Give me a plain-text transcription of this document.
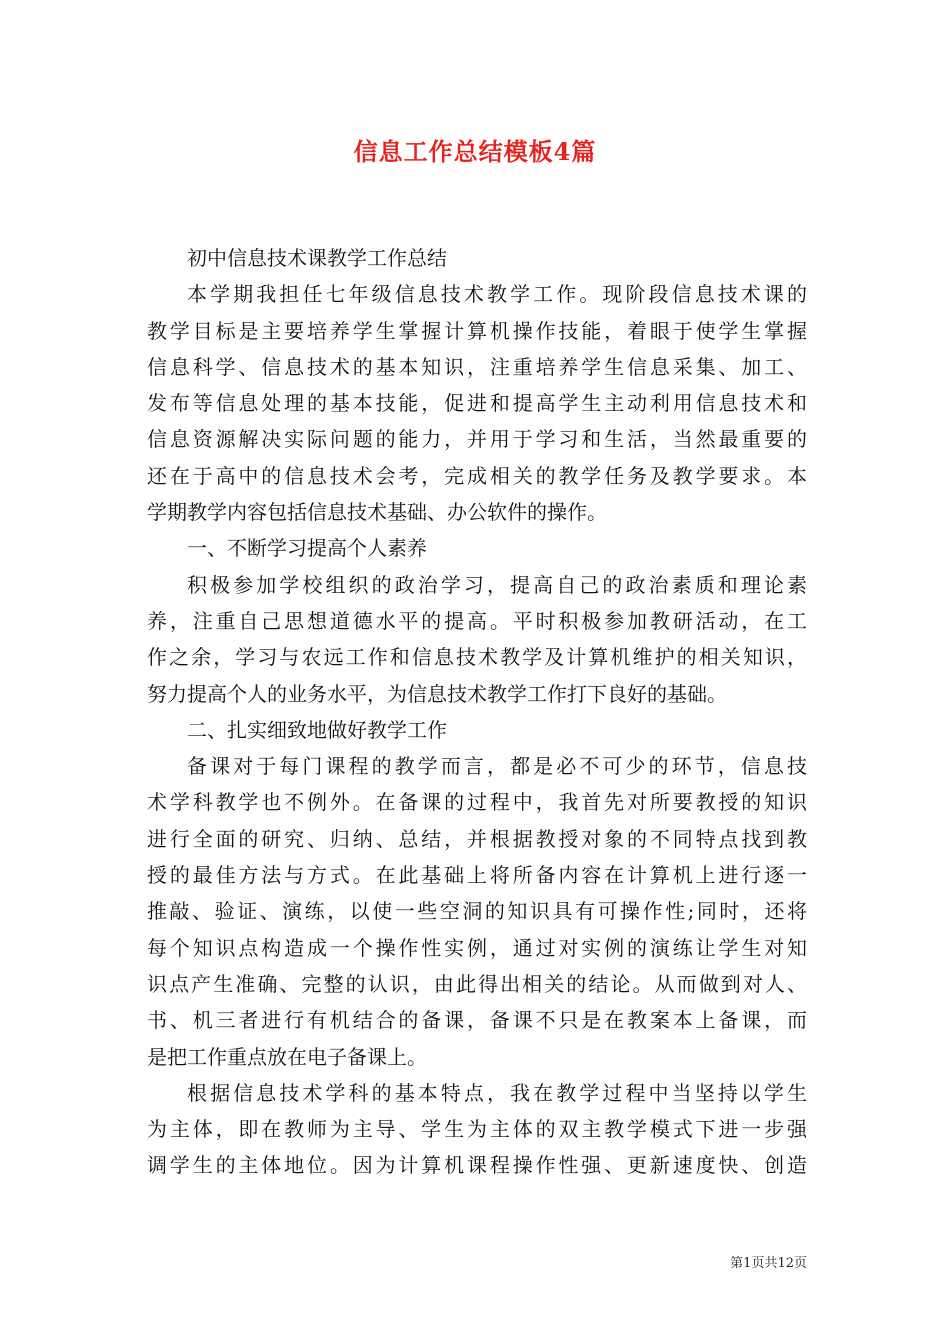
信息工作总结模板4篇
初中信息技术课教学工作总结
本学期我担任七年级信息技术教学工作。现阶段信息技术课的
教学目标是主要培养学生掌握计算机操作技能，着眼于使学生掌握
信息科学、信息技术的基本知识，注重培养学生信息采集、加工、
发布等信息处理的基本技能，促进和提高学生主动利用信息技术和
信息资源解决实际问题的能力，并用于学习和生活，当然最重要的
还在于高中的信息技术会考，完成相关的教学任务及教学要求。本
学期教学内容包括信息技术基础、办公软件的操作。
一、不断学习提高个人素养
积极参加学校组织的政治学习，提高自己的政治素质和理论素
养，注重自己思想道德水平的提高。平时积极参加教研活动，在工
作之余，学习与农远工作和信息技术教学及计算机维护的相关知识，
努力提高个人的业务水平，为信息技术教学工作打下良好的基础。
二、扎实细致地做好教学工作
备课对于每门课程的教学而言，都是必不可少的环节，信息技
术学科教学也不例外。在备课的过程中，我首先对所要教授的知识
进行全面的研究、归纳、总结，并根据教授对象的不同特点找到教
授的最佳方法与方式。在此基础上将所备内容在计算机上进行逐一
推敲、验证、演练，以使一些空洞的知识具有可操作性;同时，还将
每个知识点构造成一个操作性实例，通过对实例的演练让学生对知
识点产生准确、完整的认识，由此得出相关的结论。从而做到对人、
书、机三者进行有机结合的备课，备课不只是在教案本上备课，而
是把工作重点放在电子备课上。
根据信息技术学科的基本特点，我在教学过程中当坚持以学生
为主体，即在教师为主导、学生为主体的双主教学模式下进一步强
调学生的主体地位。因为计算机课程操作性强、更新速度快、创造
第1页共12页
